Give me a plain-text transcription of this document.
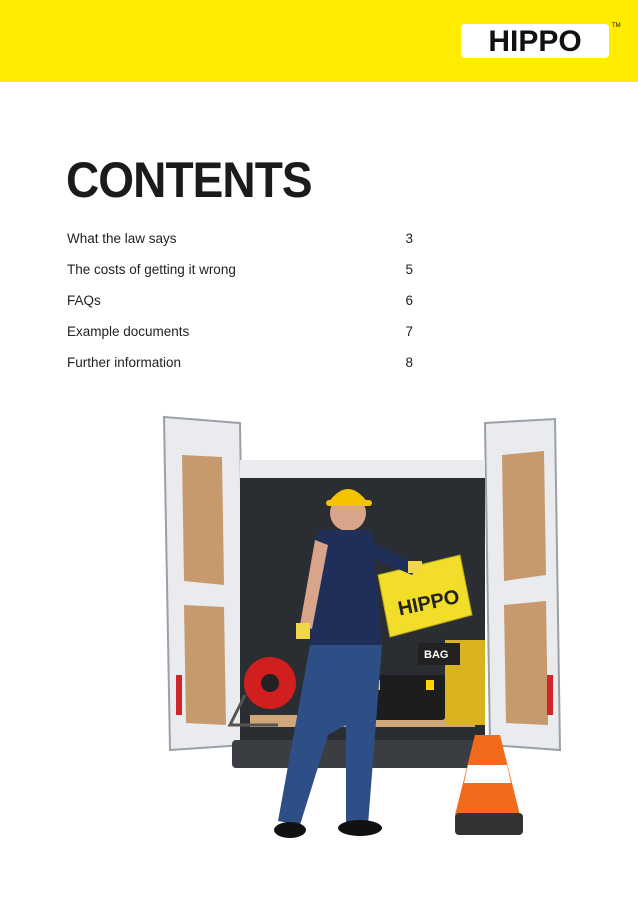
HIPPO	TM
CONTENTS
What the law says	3
The costs of getting it wrong	5
FAQs	6
Example documents	7
Further information	8
HIPPO
BAG
